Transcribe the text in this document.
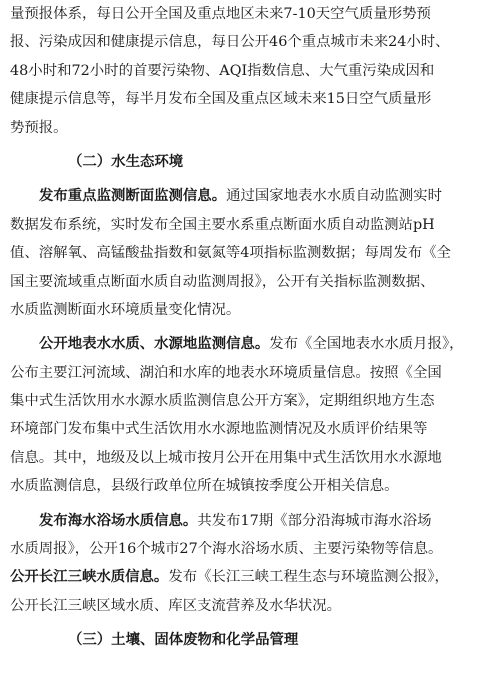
量预报体系，每日公开全国及重点地区未来7-10天空气质量形势预
报、污染成因和健康提示信息，每日公开46个重点城市未来24小时、
48小时和72小时的首要污染物、AQI指数信息、大气重污染成因和
健康提示信息等，每半月发布全国及重点区域未来15日空气质量形
势预报。
（二）水生态环境
发布重点监测断面监测信息。通过国家地表水水质自动监测实时
数据发布系统，实时发布全国主要水系重点断面水质自动监测站pH
值、溶解氧、高锰酸盐指数和氨氮等4项指标监测数据；每周发布《全
国主要流域重点断面水质自动监测周报》，公开有关指标监测数据、
水质监测断面水环境质量变化情况。
公开地表水水质、水源地监测信息。发布《全国地表水水质月报》，
公布主要江河流域、湖泊和水库的地表水环境质量信息。按照《全国
集中式生活饮用水水源水质监测信息公开方案》，定期组织地方生态
环境部门发布集中式生活饮用水水源地监测情况及水质评价结果等
信息。其中，地级及以上城市按月公开在用集中式生活饮用水水源地
水质监测信息，县级行政单位所在城镇按季度公开相关信息。
发布海水浴场水质信息。共发布17期《部分沿海城市海水浴场
水质周报》，公开16个城市27个海水浴场水质、主要污染物等信息。
公开长江三峡水质信息。发布《长江三峡工程生态与环境监测公报》，
公开长江三峡区域水质、库区支流营养及水华状况。
（三）土壤、固体废物和化学品管理
